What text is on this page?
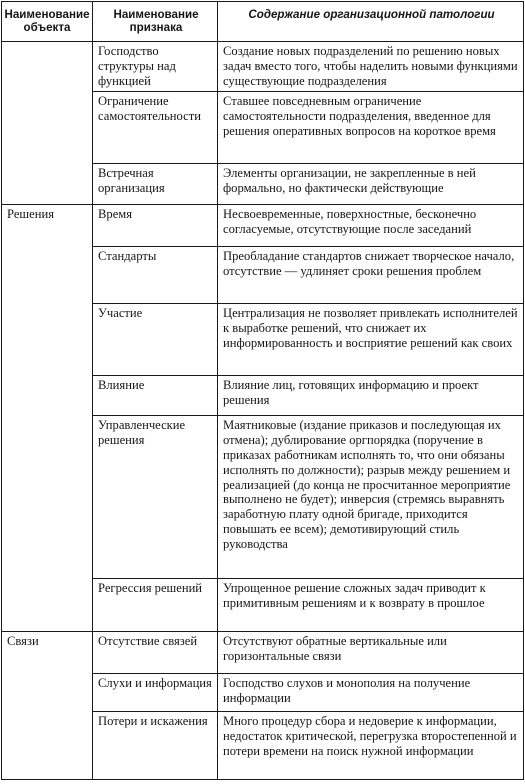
Наименование объекта	Наименование признака	Содержание организационной патологии
	Господство структуры над функцией	Создание новых подразделений по решению новых задач вместо того, чтобы наделить новыми функциями существующие подразделения
	Ограничение самостоятельности	Ставшее повседневным ограничение самостоятельности подразделения, введенное для решения оперативных вопросов на короткое время
	Встречная организация	Элементы организации, не закрепленные в ней формально, но фактически действующие
Решения	Время	Несвоевременные, поверхностные, бесконечно согласуемые, отсутствующие после заседаний
	Стандарты	Преобладание стандартов снижает творческое начало, отсутствие — удлиняет сроки решения проблем
	Участие	Централизация не позволяет привлекать исполнителей к выработке решений, что снижает их информированность и восприятие решений как своих
	Влияние	Влияние лиц, готовящих информацию и проект решения
	Управленческие решения	Маятниковые (издание приказов и последующая их отмена); дублирование оргпорядка (поручение в приказах работникам исполнять то, что они обязаны исполнять по должности); разрыв между решением и реализацией (до конца не просчитанное мероприятие выполнено не будет); инверсия (стремясь выравнять заработную плату одной бригаде, приходится повышать ее всем); демотивирующий стиль руководства
	Регрессия решений	Упрощенное решение сложных задач приводит к примитивным решениям и к возврату в прошлое
Связи	Отсутствие связей	Отсутствуют обратные вертикальные или горизонтальные связи
	Слухи и информация	Господство слухов и монополия на получение информации
	Потери и искажения	Много процедур сбора и недоверие к информации, недостаток критической, перегрузка второстепенной и потери времени на поиск нужной информации
